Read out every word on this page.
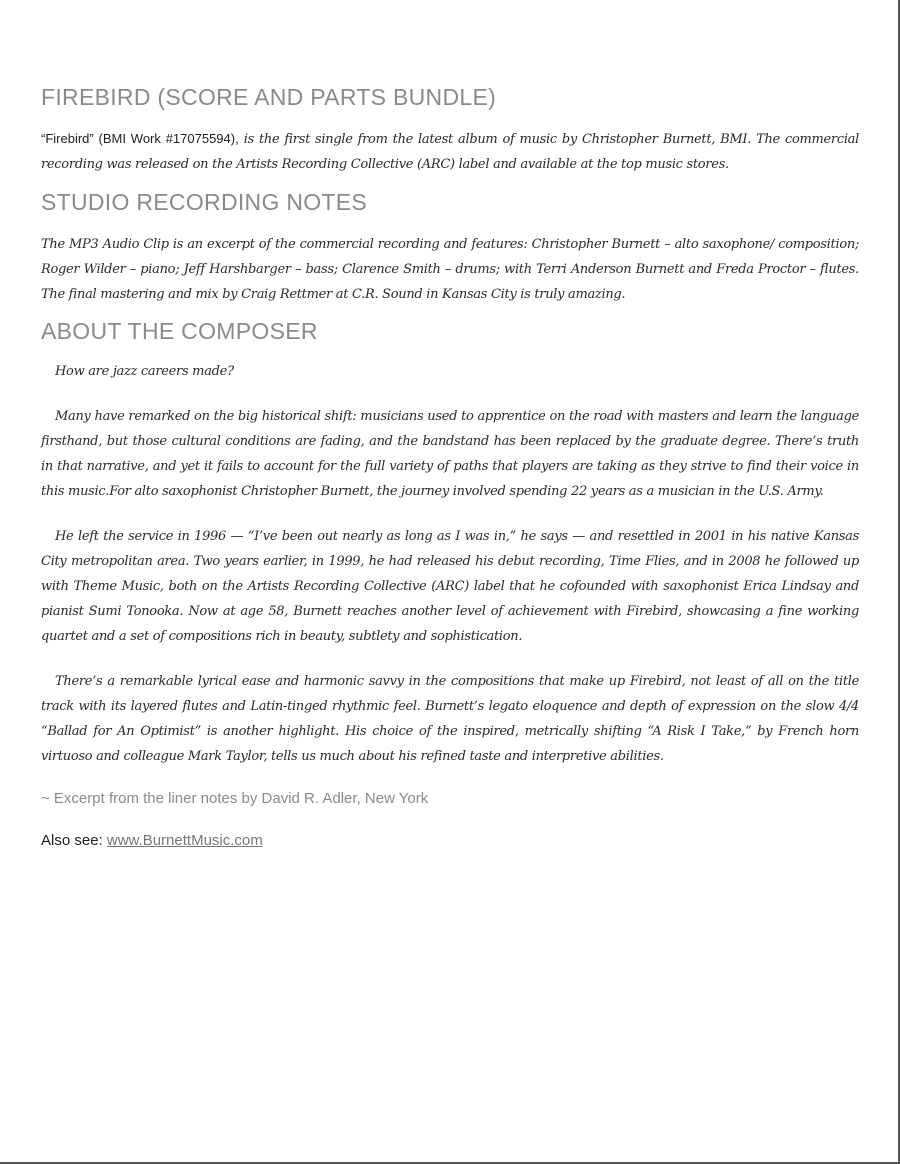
FIREBIRD (SCORE AND PARTS BUNDLE)

“Firebird” (BMI Work #17075594), is the first single from the latest album of music by Christopher Burnett, BMI. The commercial recording was released on the Artists Recording Collective (ARC) label and available at the top music stores.

STUDIO RECORDING NOTES

The MP3 Audio Clip is an excerpt of the commercial recording and features: Christopher Burnett – alto saxophone/ composition; Roger Wilder – piano; Jeff Harshbarger – bass; Clarence Smith – drums; with Terri Anderson Burnett and Freda Proctor – flutes. The final mastering and mix by Craig Rettmer at C.R. Sound in Kansas City is truly amazing.

ABOUT THE COMPOSER

How are jazz careers made?

Many have remarked on the big historical shift: musicians used to apprentice on the road with masters and learn the language firsthand, but those cultural conditions are fading, and the bandstand has been replaced by the graduate degree. There’s truth in that narrative, and yet it fails to account for the full variety of paths that players are taking as they strive to find their voice in this music.For alto saxophonist Christopher Burnett, the journey involved spending 22 years as a musician in the U.S. Army.

He left the service in 1996 — “I’ve been out nearly as long as I was in,” he says — and resettled in 2001 in his native Kansas City metropolitan area. Two years earlier, in 1999, he had released his debut recording, Time Flies, and in 2008 he followed up with Theme Music, both on the Artists Recording Collective (ARC) label that he cofounded with saxophonist Erica Lindsay and pianist Sumi Tonooka. Now at age 58, Burnett reaches another level of achievement with Firebird, showcasing a fine working quartet and a set of compositions rich in beauty, subtlety and sophistication.

There’s a remarkable lyrical ease and harmonic savvy in the compositions that make up Firebird, not least of all on the title track with its layered flutes and Latin-tinged rhythmic feel. Burnett’s legato eloquence and depth of expression on the slow 4/4 “Ballad for An Optimist” is another highlight. His choice of the inspired, metrically shifting “A Risk I Take,” by French horn virtuoso and colleague Mark Taylor, tells us much about his refined taste and interpretive abilities.

~ Excerpt from the liner notes by David R. Adler, New York

Also see: www.BurnettMusic.com
